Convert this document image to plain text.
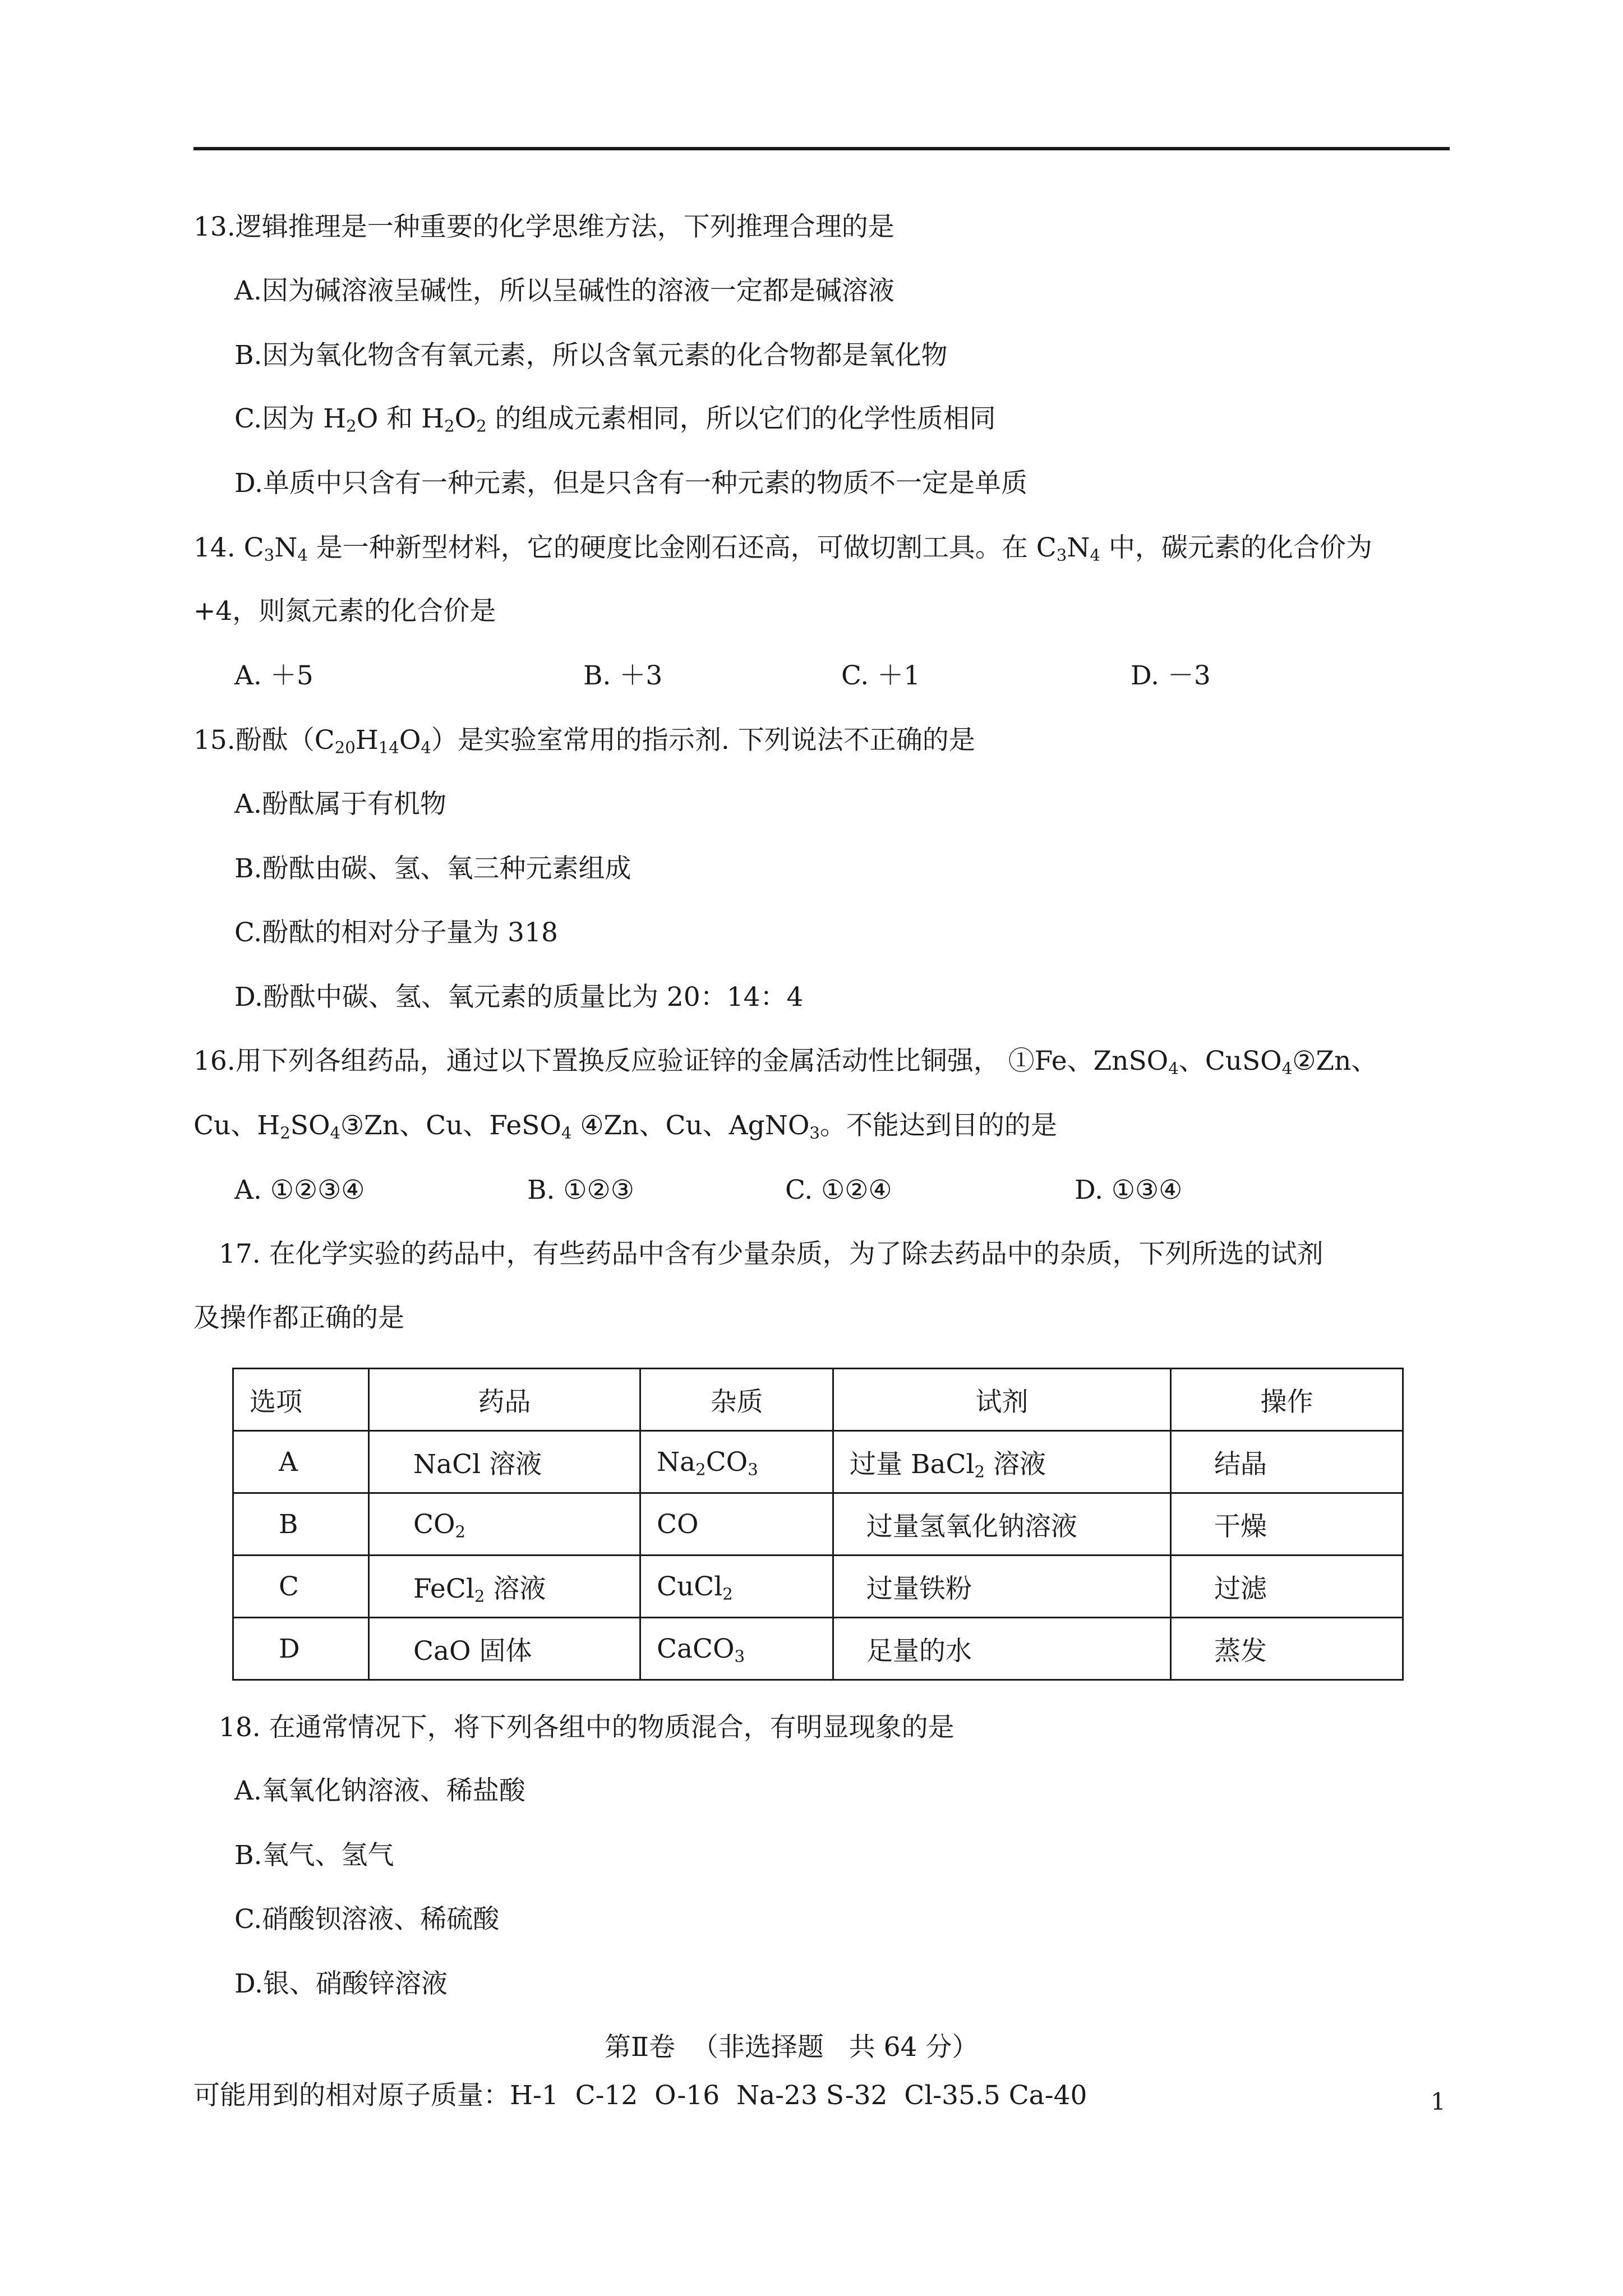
13.逻辑推理是一种重要的化学思维方法，下列推理合理的是
A.因为碱溶液呈碱性，所以呈碱性的溶液一定都是碱溶液
B.因为氧化物含有氧元素，所以含氧元素的化合物都是氧化物
C.因为 $H_2O$ 和 $H_2O_2$ 的组成元素相同，所以它们的化学性质相同
D.单质中只含有一种元素，但是只含有一种元素的物质不一定是单质
14. $C_3N_4$ 是一种新型材料，它的硬度比金刚石还高，可做切割工具。在 $C_3N_4$ 中，碳元素的化合价为
+4，则氮元素的化合价是
A. ＋5	B. ＋3	C. ＋1	D. －3
15.酚酞$(C_{20}H_{14}O_4)$是实验室常用的指示剂. 下列说法不正确的是
A.酚酞属于有机物
B.酚酞由碳、氢、氧三种元素组成
C.酚酞的相对分子量为 318
D.酚酞中碳、氢、氧元素的质量比为 20：14：4
16.用下列各组药品，通过以下置换反应验证锌的金属活动性比铜强， ①Fe、ZnSO$_4$、CuSO$_4$②Zn、
Cu、$H_2SO_4③Zn$、Cu、FeSO$_4$ ④Zn、Cu、AgNO$_3$。不能达到目的的是
A. ①②③④	B. ①②③	C. ①②④	D. ①③④
17. 在化学实验的药品中，有些药品中含有少量杂质，为了除去药品中的杂质，下列所选的试剂
及操作都正确的是
选项	药品	杂质	试剂	操作
A	NaCl 溶液	$Na_2CO_3$	过量 BaCl$_2$ 溶液	结晶
B	$CO_2$	CO	过量氢氧化钠溶液	干燥
C	FeCl$_2$ 溶液	CuCl$_2$	过量铁粉	过滤
D	CaO 固体	CaCO$_3$	足量的水	蒸发
18. 在通常情况下，将下列各组中的物质混合，有明显现象的是
A.氧氧化钠溶液、稀盐酸
B.氧气、氢气
C.硝酸钡溶液、稀硫酸
D.银、硝酸锌溶液
第Ⅱ卷  （非选择题   共 64 分）
可能用到的相对原子质量：H-1  C-12  O-16  Na-23 S-32  Cl-35.5 Ca-40	1
